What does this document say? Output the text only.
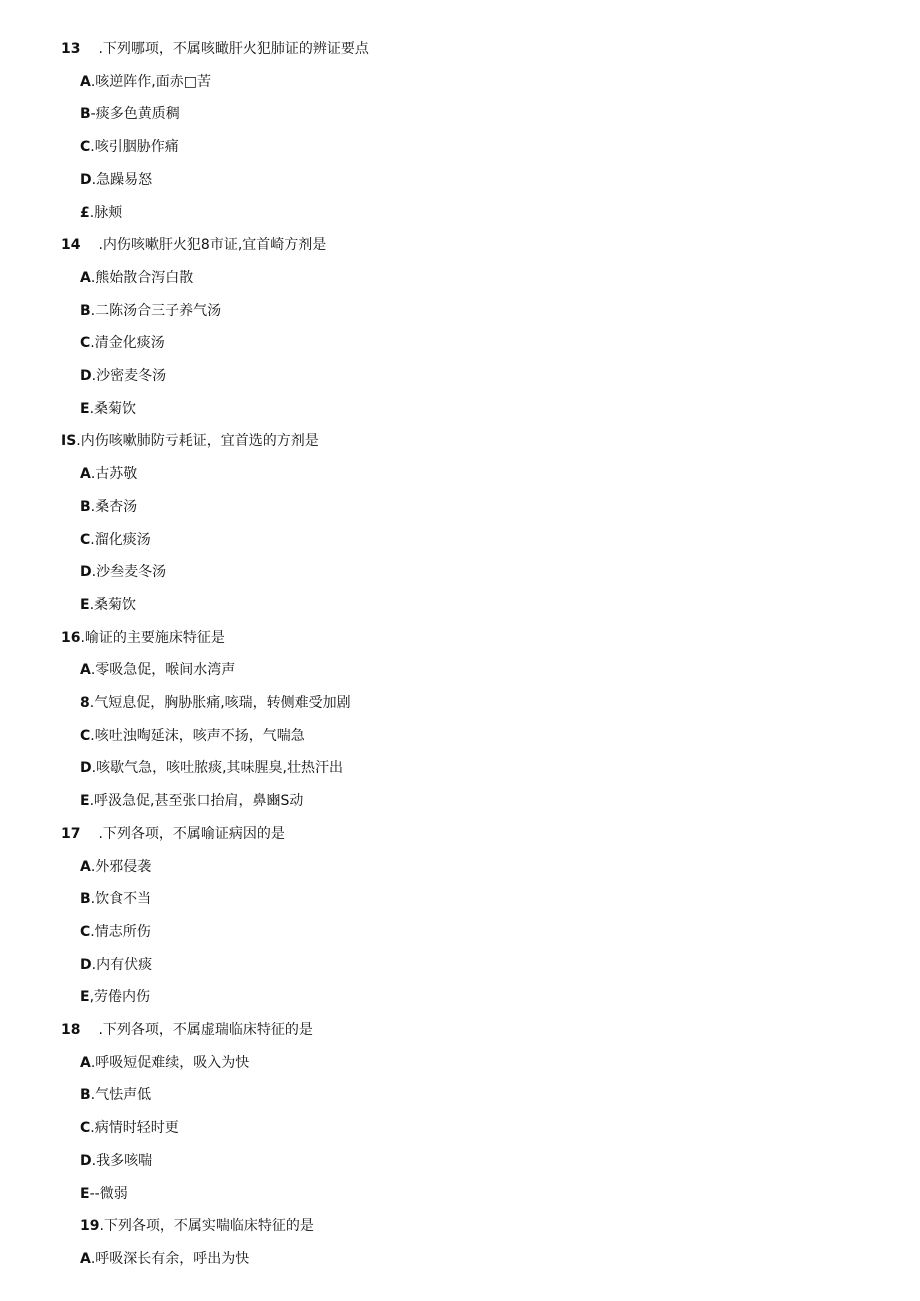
13 .下列哪项，不属咳瞰肝火犯肺证的辨证要点
A.咳逆阵作,面赤□苦
B-痰多色黄质稠
C.咳引胭胁作痛
D.急躁易怒
£.脉颊
14 .内伤咳嗽肝火犯8市证,宜首崎方剂是
A.熊始散合泻白散
B.二陈汤合三子养气汤
C.清金化痰汤
D.沙密麦冬汤
E.桑菊饮
IS.内伤咳嗽肺防亏耗证，宜首选的方剂是
A.古苏敬
B.桑杏汤
C.溜化痰汤
D.沙叁麦冬汤
E.桑菊饮
16.喻证的主要施床特征是
A.零吸急促，喉间水湾声
8.气短息促，胸胁胀痛,咳瑞，转侧难受加剧
C.咳吐浊啕延沫，咳声不扬，气喘急
D.咳歇气急，咳吐脓痰,其味腥臭,壮热汗出
E.呼汲急促,甚至张口抬肩，鼻豳S动
17 .下列各项，不属喻证病因的是
A.外邪侵袭
B.饮食不当
C.情志所伤
D.内有伏痰
E,劳倦内伤
18 .下列各项，不属虚瑞临床特征的是
A.呼吸短促难续，吸入为快
B.气怯声低
C.病情时轻时更
D.我多咳喘
E--微弱
19.下列各项，不属实喘临床特征的是
A.呼吸深长有余，呼出为快
